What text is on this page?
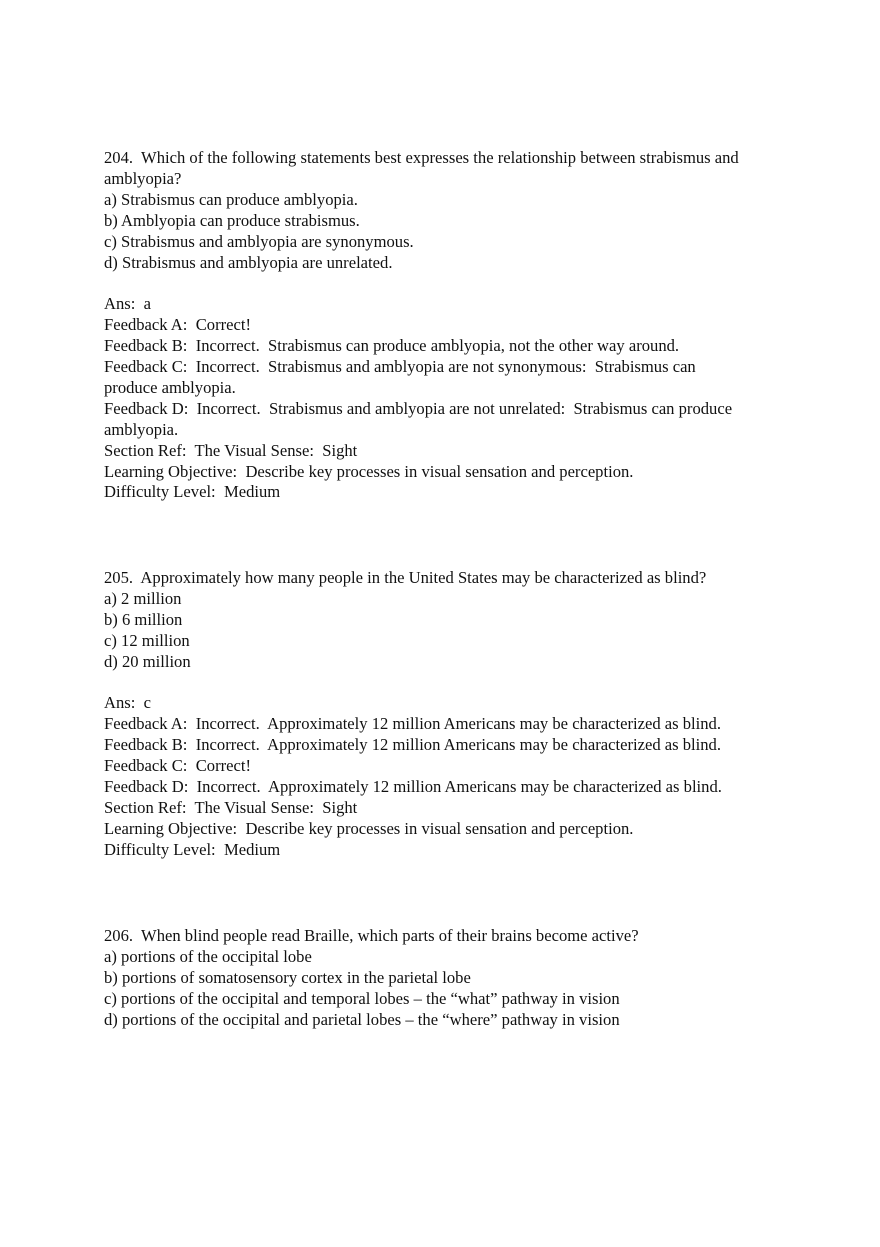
204.  Which of the following statements best expresses the relationship between strabismus and
amblyopia?
a) Strabismus can produce amblyopia.
b) Amblyopia can produce strabismus.
c) Strabismus and amblyopia are synonymous.
d) Strabismus and amblyopia are unrelated.
Ans:  a
Feedback A:  Correct!
Feedback B:  Incorrect.  Strabismus can produce amblyopia, not the other way around.
Feedback C:  Incorrect.  Strabismus and amblyopia are not synonymous:  Strabismus can
produce amblyopia.
Feedback D:  Incorrect.  Strabismus and amblyopia are not unrelated:  Strabismus can produce
amblyopia.
Section Ref:  The Visual Sense:  Sight
Learning Objective:  Describe key processes in visual sensation and perception.
Difficulty Level:  Medium
205.  Approximately how many people in the United States may be characterized as blind?
a) 2 million
b) 6 million
c) 12 million
d) 20 million
Ans:  c
Feedback A:  Incorrect.  Approximately 12 million Americans may be characterized as blind.
Feedback B:  Incorrect.  Approximately 12 million Americans may be characterized as blind.
Feedback C:  Correct!
Feedback D:  Incorrect.  Approximately 12 million Americans may be characterized as blind.
Section Ref:  The Visual Sense:  Sight
Learning Objective:  Describe key processes in visual sensation and perception.
Difficulty Level:  Medium
206.  When blind people read Braille, which parts of their brains become active?
a) portions of the occipital lobe
b) portions of somatosensory cortex in the parietal lobe
c) portions of the occipital and temporal lobes – the “what” pathway in vision
d) portions of the occipital and parietal lobes – the “where” pathway in vision
